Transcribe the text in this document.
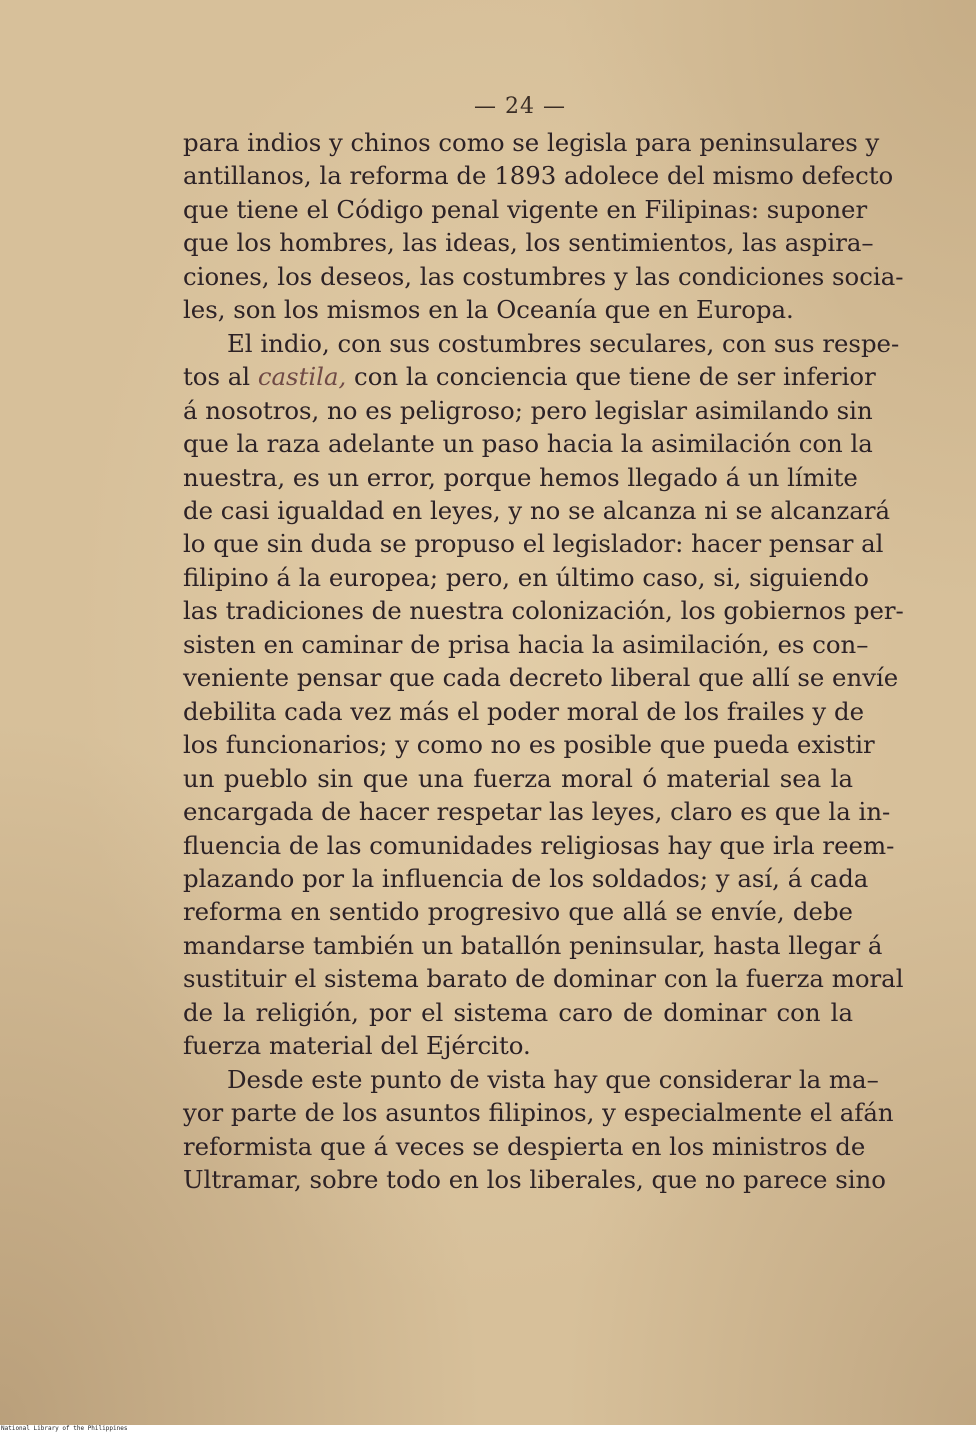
— 24 —

para indios y chinos como se legisla para peninsulares y
antillanos, la reforma de 1893 adolece del mismo defecto
que tiene el Código penal vigente en Filipinas: suponer
que los hombres, las ideas, los sentimientos, las aspira–
ciones, los deseos, las costumbres y las condiciones socia-
les, son los mismos en la Oceanía que en Europa.

El indio, con sus costumbres seculares, con sus respe-
tos al castila, con la conciencia que tiene de ser inferior
á nosotros, no es peligroso; pero legislar asimilando sin
que la raza adelante un paso hacia la asimilación con la
nuestra, es un error, porque hemos llegado á un límite
de casi igualdad en leyes, y no se alcanza ni se alcanzará
lo que sin duda se propuso el legislador: hacer pensar al
filipino á la europea; pero, en último caso, si, siguiendo
las tradiciones de nuestra colonización, los gobiernos per-
sisten en caminar de prisa hacia la asimilación, es con–
veniente pensar que cada decreto liberal que allí se envíe
debilita cada vez más el poder moral de los frailes y de
los funcionarios; y como no es posible que pueda existir
un pueblo sin que una fuerza moral ó material sea la
encargada de hacer respetar las leyes, claro es que la in-
fluencia de las comunidades religiosas hay que irla reem-
plazando por la influencia de los soldados; y así, á cada
reforma en sentido progresivo que allá se envíe, debe
mandarse también un batallón peninsular, hasta llegar á
sustituir el sistema barato de dominar con la fuerza moral
de la religión, por el sistema caro de dominar con la
fuerza material del Ejército.

Desde este punto de vista hay que considerar la ma–
yor parte de los asuntos filipinos, y especialmente el afán
reformista que á veces se despierta en los ministros de
Ultramar, sobre todo en los liberales, que no parece sino

National Library of the Philippines
